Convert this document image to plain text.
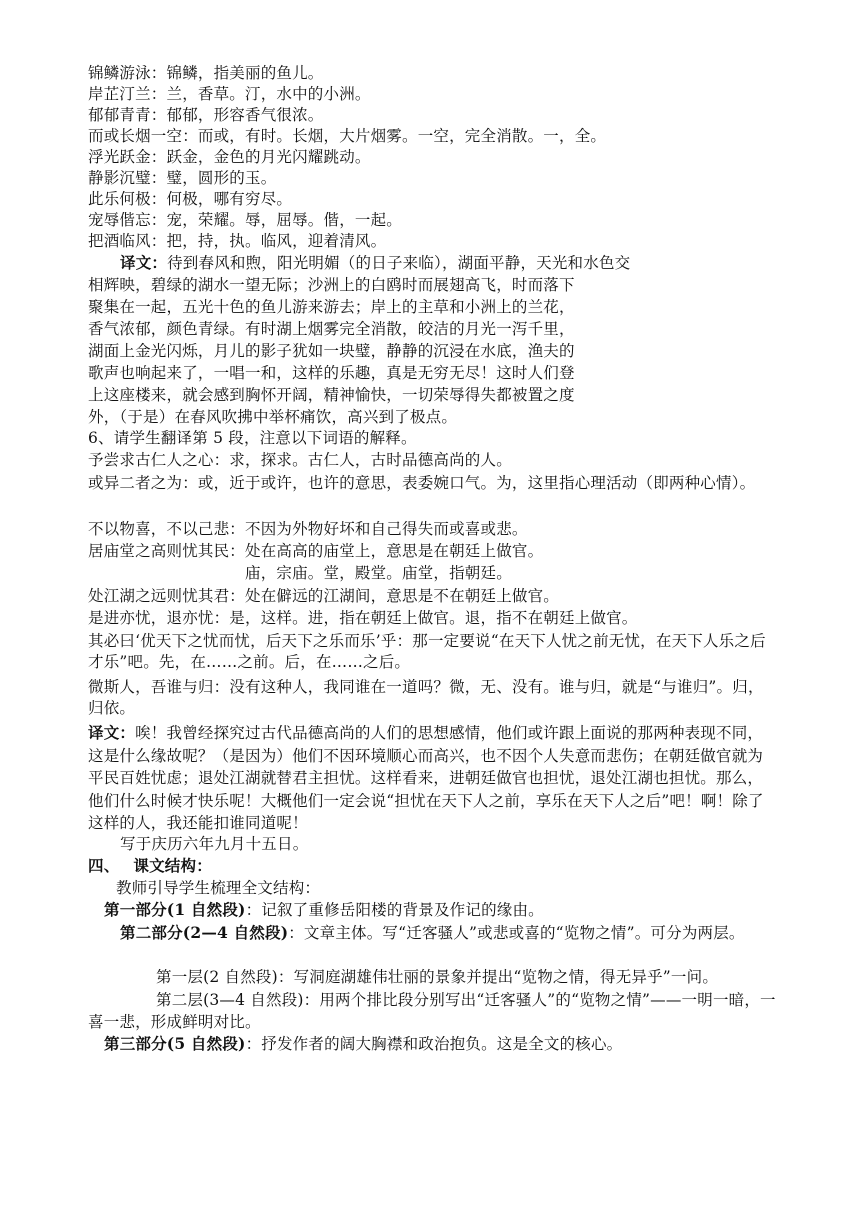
锦鳞游泳：锦鳞，指美丽的鱼儿。
岸芷汀兰：兰，香草。汀，水中的小洲。
郁郁青青：郁郁，形容香气很浓。
而或长烟一空：而或，有时。长烟，大片烟雾。一空，完全消散。一，全。
浮光跃金：跃金，金色的月光闪耀跳动。
静影沉璧：璧，圆形的玉。
此乐何极：何极，哪有穷尽。
宠辱偕忘：宠，荣耀。辱，屈辱。偕，一起。
把酒临风：把，持，执。临风，迎着清风。
译文：待到春风和煦，阳光明媚（的日子来临），湖面平静，天光和水色交
相辉映，碧绿的湖水一望无际；沙洲上的白鸥时而展翅高飞，时而落下
聚集在一起，五光十色的鱼儿游来游去；岸上的主草和小洲上的兰花，
香气浓郁，颜色青绿。有时湖上烟雾完全消散，皎洁的月光一泻千里，
湖面上金光闪烁，月儿的影子犹如一块璧，静静的沉浸在水底，渔夫的
歌声也响起来了，一唱一和，这样的乐趣，真是无穷无尽！这时人们登
上这座楼来，就会感到胸怀开阔，精神愉快，一切荣辱得失都被置之度
外，（于是）在春风吹拂中举杯痛饮，高兴到了极点。
6、请学生翻译第 5 段，注意以下词语的解释。
予尝求古仁人之心：求，探求。古仁人，古时品德高尚的人。
或异二者之为：或，近于或许，也许的意思，表委婉口气。为，这里指心理活动（即两种心情）。
不以物喜，不以己悲：不因为外物好坏和自己得失而或喜或悲。
居庙堂之高则忧其民：处在高高的庙堂上，意思是在朝廷上做官。
庙，宗庙。堂，殿堂。庙堂，指朝廷。
处江湖之远则忧其君：处在僻远的江湖间，意思是不在朝廷上做官。
是进亦忧，退亦忧：是，这样。进，指在朝廷上做官。退，指不在朝廷上做官。
其必曰‘优天下之忧而忧，后天下之乐而乐’乎：那一定要说“在天下人忧之前无忧，在天下人乐之后才乐”吧。先，在……之前。后，在……之后。
微斯人，吾谁与归：没有这种人，我同谁在一道吗？微，无、没有。谁与归，就是“与谁归”。归，归依。
译文：唉！我曾经探究过古代品德高尚的人们的思想感情，他们或许跟上面说的那两种表现不同，这是什么缘故呢？（是因为）他们不因环境顺心而高兴，也不因个人失意而悲伤；在朝廷做官就为平民百姓忧虑；退处江湖就替君主担忧。这样看来，进朝廷做官也担忧，退处江湖也担忧。那么，他们什么时候才快乐呢！大概他们一定会说“担忧在天下人之前，享乐在天下人之后”吧！啊！除了这样的人，我还能扣谁同道呢！
写于庆历六年九月十五日。
四、 课文结构：
教师引导学生梳理全文结构：
第一部分(1 自然段)：记叙了重修岳阳楼的背景及作记的缘由。
第二部分(2—4 自然段)：文章主体。写“迁客骚人”或悲或喜的“览物之情”。可分为两层。
第一层(2 自然段)：写洞庭湖雄伟壮丽的景象并提出“览物之情，得无异乎”一问。
第二层(3—4 自然段)：用两个排比段分别写出“迁客骚人”的“览物之情”——一明一暗，一喜一悲，形成鲜明对比。
第三部分(5 自然段)：抒发作者的阔大胸襟和政治抱负。这是全文的核心。
